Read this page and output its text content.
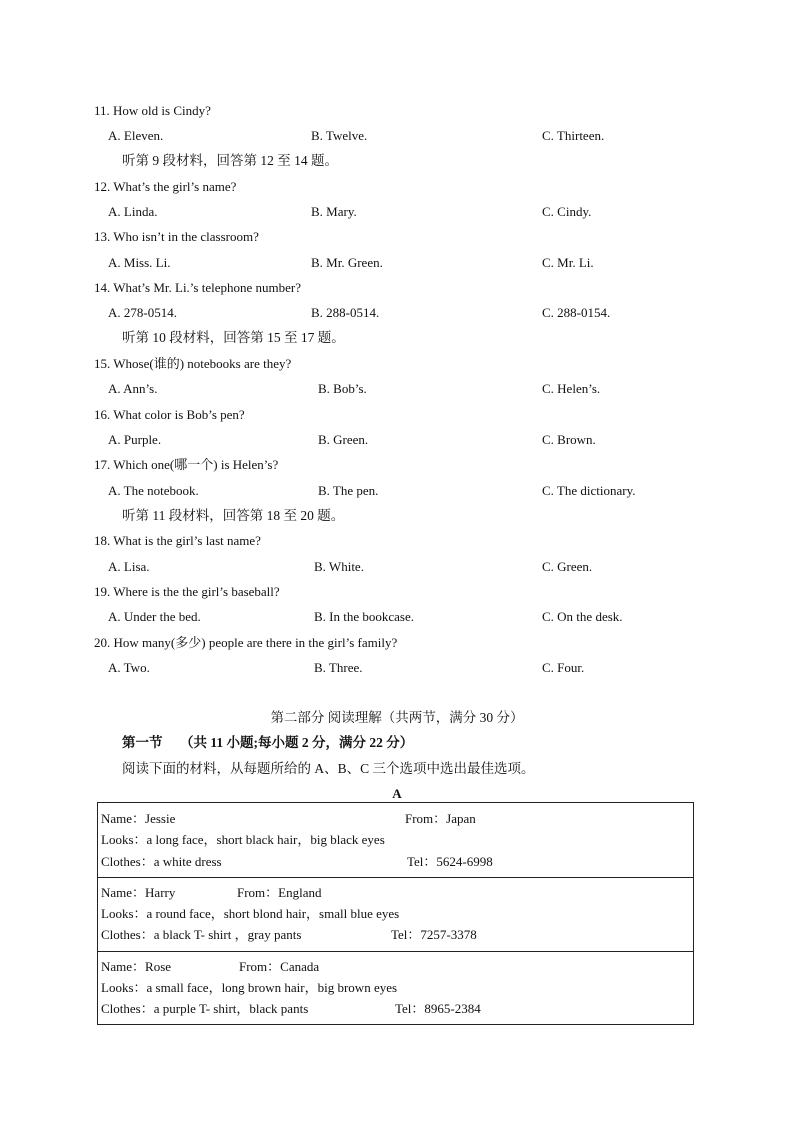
11. How old is Cindy?
A. Eleven.	B. Twelve.	C. Thirteen.
听第 9 段材料，回答第 12 至 14 题。
12. What’s the girl’s name?
A. Linda.	B. Mary.	C. Cindy.
13. Who isn’t in the classroom?
A. Miss. Li.	B. Mr. Green.	C. Mr. Li.
14. What’s Mr. Li.’s telephone number?
A. 278-0514.	B. 288-0514.	C. 288-0154.
听第 10 段材料，回答第 15 至 17 题。
15. Whose(谁的) notebooks are they?
A. Ann’s.	B. Bob’s.	C. Helen’s.
16. What color is Bob’s pen?
A. Purple.	B. Green.	C. Brown.
17. Which one(哪一个) is Helen’s?
A. The notebook.	B. The pen.	C. The dictionary.
听第 11 段材料，回答第 18 至 20 题。
18. What is the girl’s last name?
A. Lisa.	B. White.	C. Green.
19. Where is the the girl’s baseball?
A. Under the bed.	B. In the bookcase.	C. On the desk.
20. How many(多少) people are there in the girl’s family?
A. Two.	B. Three.	C. Four.
第二部分 阅读理解（共两节，满分 30 分）
第一节 （共 11 小题;每小题 2 分，满分 22 分）
阅读下面的材料，从每题所给的 A、B、C 三个选项中选出最佳选项。
A
Name：Jessie	From：Japan
Looks：a long face，short black hair，big black eyes
Clothes：a white dress	Tel：5624-6998
Name：Harry	From：England
Looks：a round face，short blond hair，small blue eyes
Clothes：a black T- shirt ，gray pants	Tel：7257-3378
Name：Rose	From：Canada
Looks：a small face，long brown hair，big brown eyes
Clothes：a purple T- shirt，black pants	Tel：8965-2384
